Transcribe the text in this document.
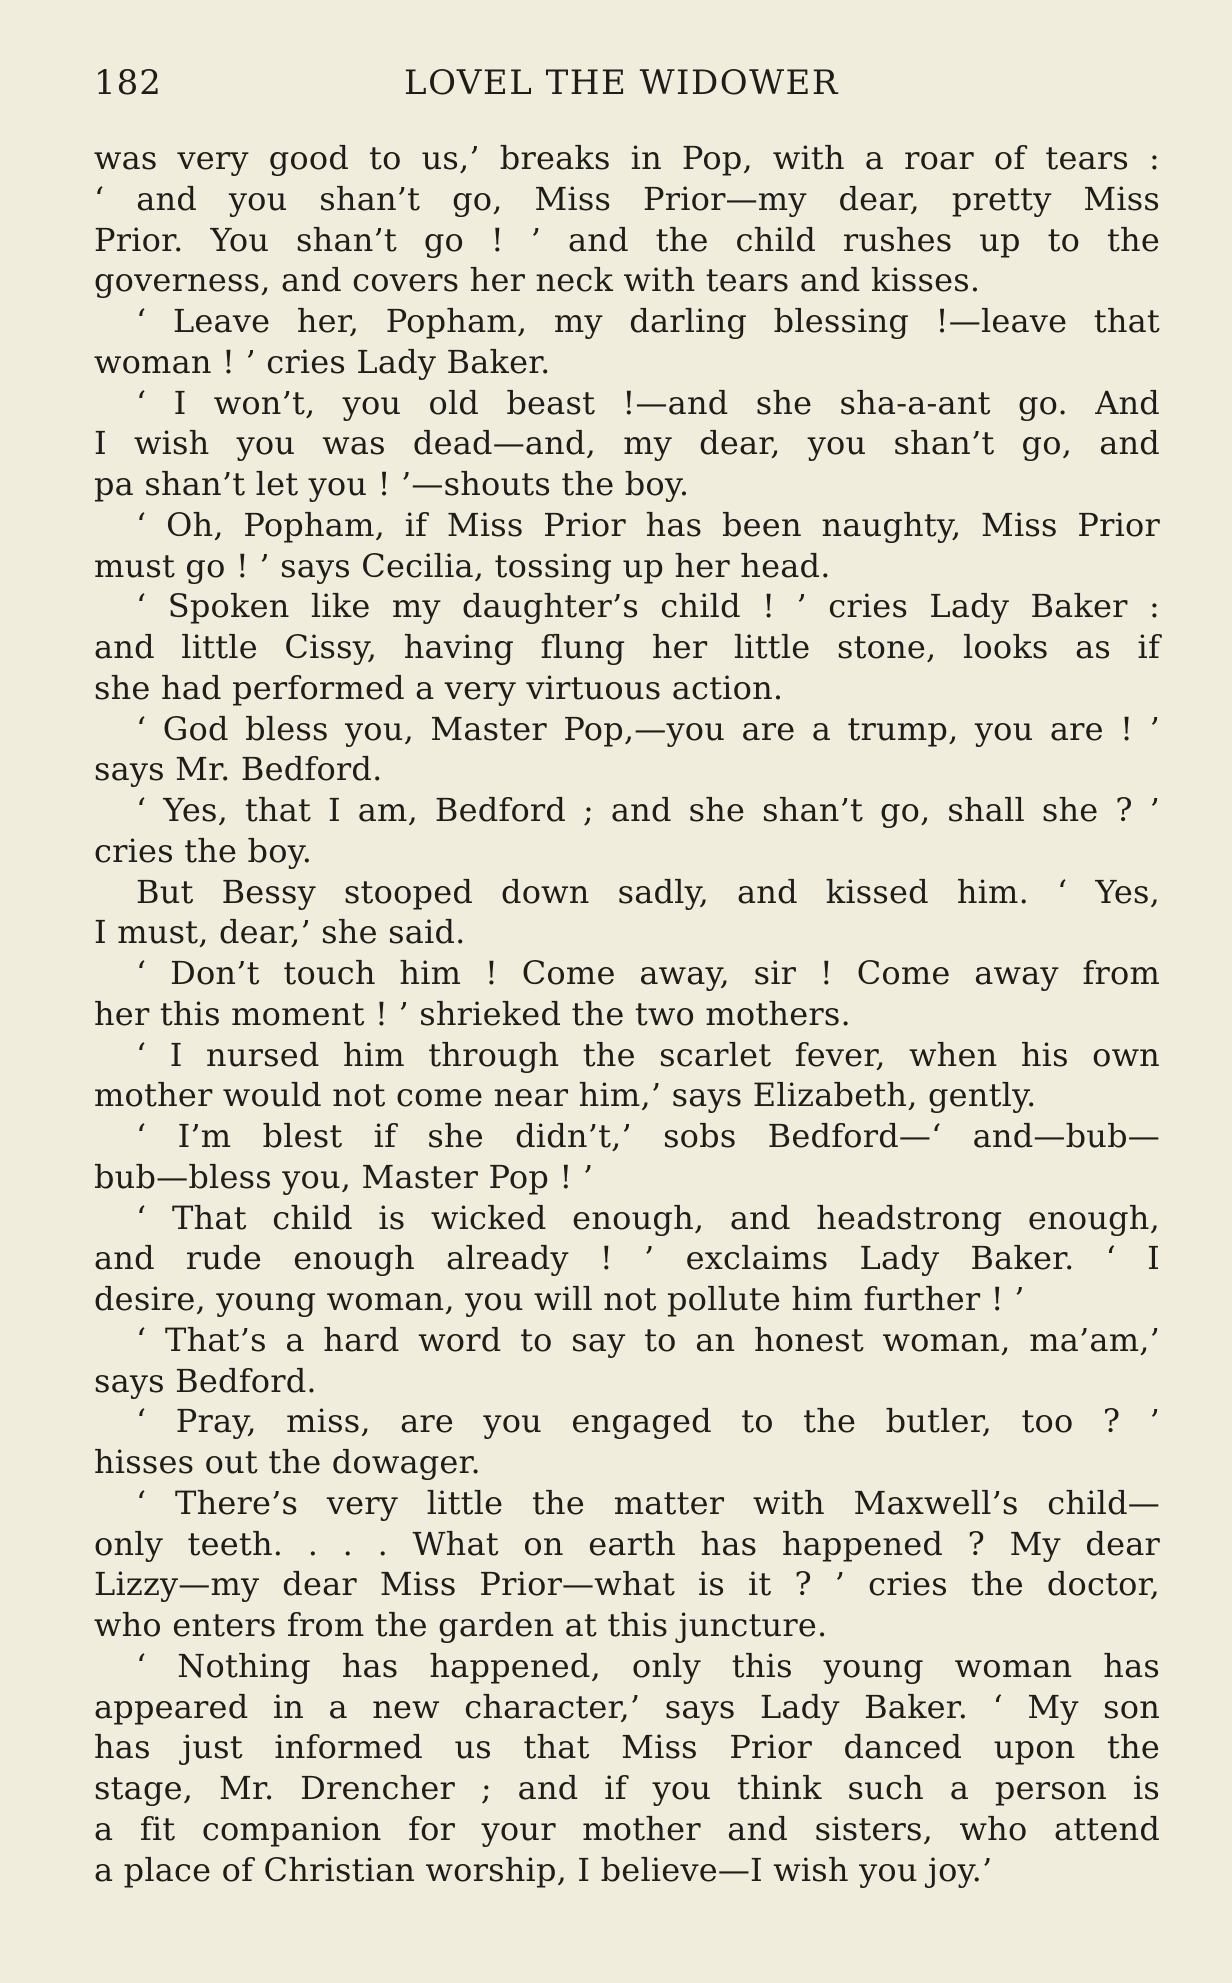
182	LOVEL THE WIDOWER
was very good to us,’ breaks in Pop, with a roar of tears :
‘ and you shan’t go, Miss Prior—my dear, pretty Miss
Prior. You shan’t go ! ’ and the child rushes up to the
governess, and covers her neck with tears and kisses.
‘ Leave her, Popham, my darling blessing !—leave that
woman ! ’ cries Lady Baker.
‘ I won’t, you old beast !—and she sha-a-ant go. And
I wish you was dead—and, my dear, you shan’t go, and
pa shan’t let you ! ’—shouts the boy.
‘ Oh, Popham, if Miss Prior has been naughty, Miss Prior
must go ! ’ says Cecilia, tossing up her head.
‘ Spoken like my daughter’s child ! ’ cries Lady Baker :
and little Cissy, having flung her little stone, looks as if
she had performed a very virtuous action.
‘ God bless you, Master Pop,—you are a trump, you are ! ’
says Mr. Bedford.
‘ Yes, that I am, Bedford ; and she shan’t go, shall she ? ’
cries the boy.
But Bessy stooped down sadly, and kissed him. ‘ Yes,
I must, dear,’ she said.
‘ Don’t touch him ! Come away, sir ! Come away from
her this moment ! ’ shrieked the two mothers.
‘ I nursed him through the scarlet fever, when his own
mother would not come near him,’ says Elizabeth, gently.
‘ I’m blest if she didn’t,’ sobs Bedford—‘ and—bub—
bub—bless you, Master Pop ! ’
‘ That child is wicked enough, and headstrong enough,
and rude enough already ! ’ exclaims Lady Baker. ‘ I
desire, young woman, you will not pollute him further ! ’
‘ That’s a hard word to say to an honest woman, ma’am,’
says Bedford.
‘ Pray, miss, are you engaged to the butler, too ? ’
hisses out the dowager.
‘ There’s very little the matter with Maxwell’s child—
only teeth. . . . What on earth has happened ? My dear
Lizzy—my dear Miss Prior—what is it ? ’ cries the doctor,
who enters from the garden at this juncture.
‘ Nothing has happened, only this young woman has
appeared in a new character,’ says Lady Baker. ‘ My son
has just informed us that Miss Prior danced upon the
stage, Mr. Drencher ; and if you think such a person is
a fit companion for your mother and sisters, who attend
a place of Christian worship, I believe—I wish you joy.’
